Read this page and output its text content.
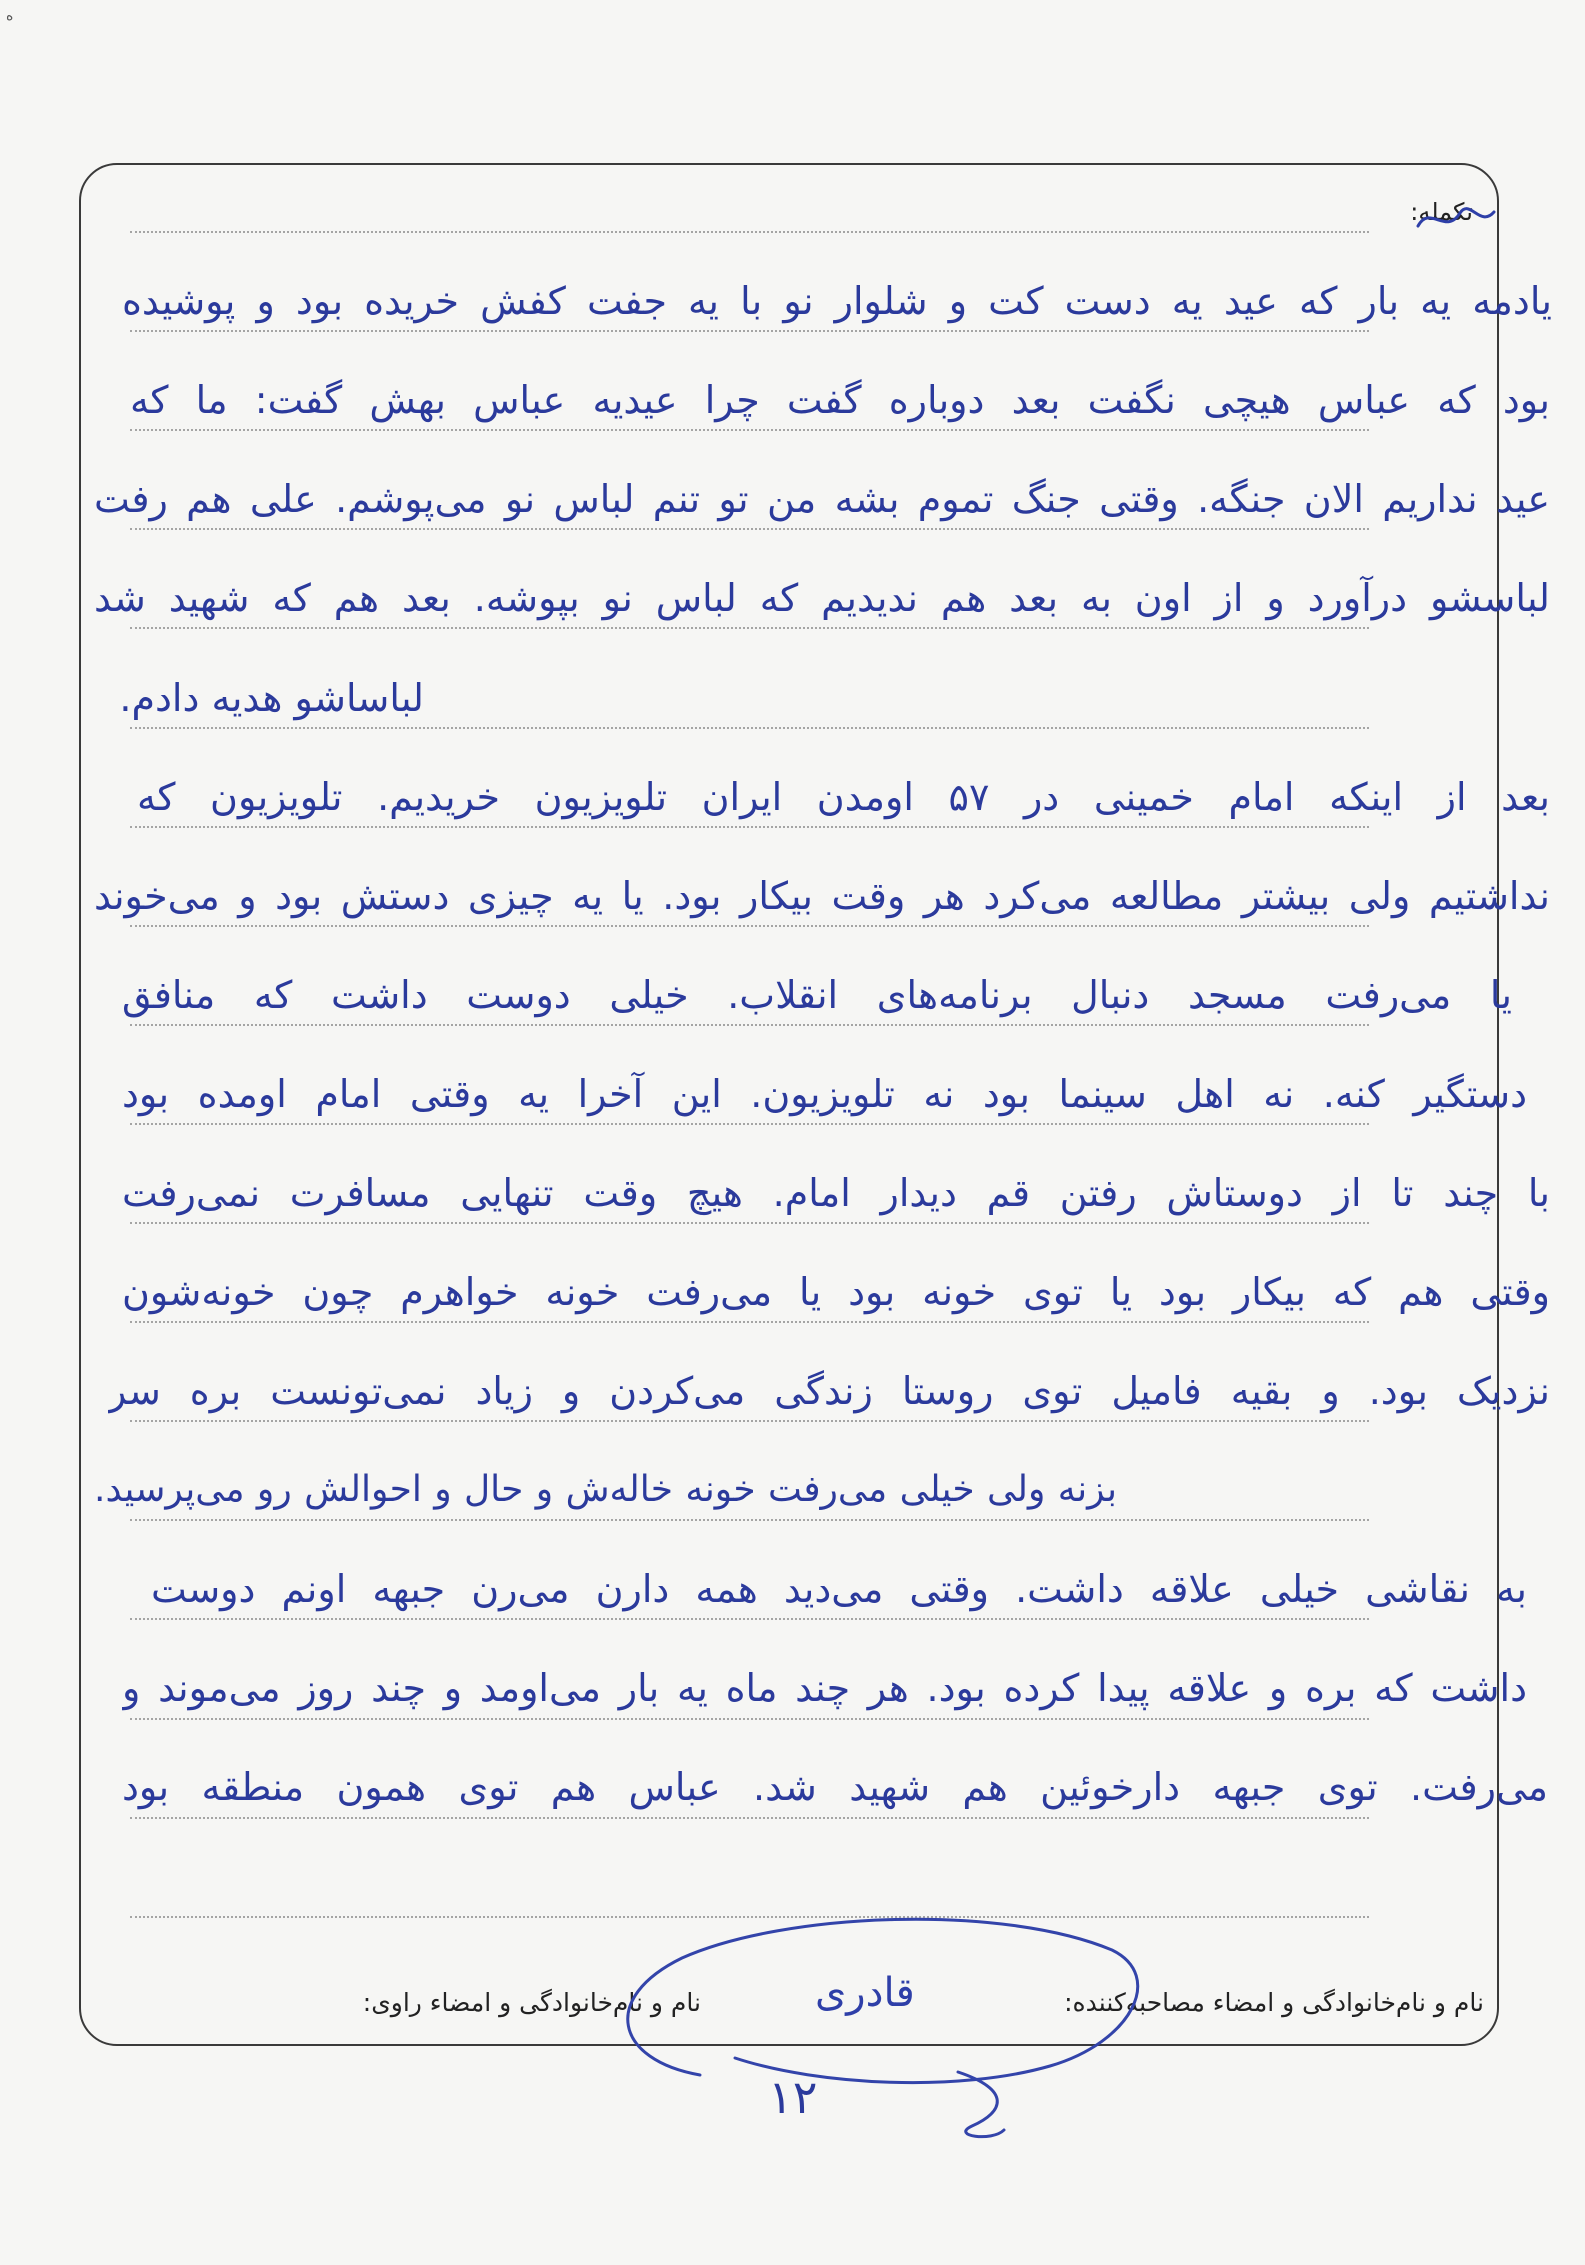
ه
تکمله:
یادمه یه بار که عید یه دست کت و شلوار نو با یه جفت کفش خریده بود و پوشیده
بود که عباس هیچی نگفت بعد دوباره گفت چرا عیدیه عباس بهش گفت: ما که
عید نداریم الان جنگه. وقتی جنگ تموم بشه من تو تنم لباس نو می‌پوشم. علی هم رفت
لباسشو درآورد و از اون به بعد هم ندیدیم که لباس نو بپوشه. بعد هم که شهید شد
لباساشو هدیه دادم.
بعد از اینکه امام خمینی در ۵۷ اومدن ایران تلویزیون خریدیم. تلویزیون که
نداشتیم ولی بیشتر مطالعه می‌کرد هر وقت بیکار بود. یا یه چیزی دستش بود و می‌خوند
یا می‌رفت مسجد دنبال برنامه‌های انقلاب. خیلی دوست داشت که منافق
دستگیر کنه. نه اهل سینما بود نه تلویزیون. این آخرا یه وقتی امام اومده بود
با چند تا از دوستاش رفتن قم دیدار امام. هیچ وقت تنهایی مسافرت نمی‌رفت
وقتی هم که بیکار بود یا توی خونه بود یا می‌رفت خونه خواهرم چون خونه‌شون
نزدیک بود. و بقیه فامیل توی روستا زندگی می‌کردن و زیاد نمی‌تونست بره سر
بزنه ولی خیلی می‌رفت خونه خاله‌ش و حال و احوالش رو می‌پرسید.
به نقاشی خیلی علاقه داشت. وقتی می‌دید همه دارن می‌رن جبهه اونم دوست
داشت که بره و علاقه پیدا کرده بود. هر چند ماه یه بار می‌اومد و چند روز می‌موند و
می‌رفت. توی جبهه دارخوئین هم شهید شد. عباس هم توی همون منطقه بود
نام و نام‌خانوادگی و امضاء مصاحبه‌کننده:
قادری
نام و نام‌خانوادگی و امضاء راوی:
۱۲
